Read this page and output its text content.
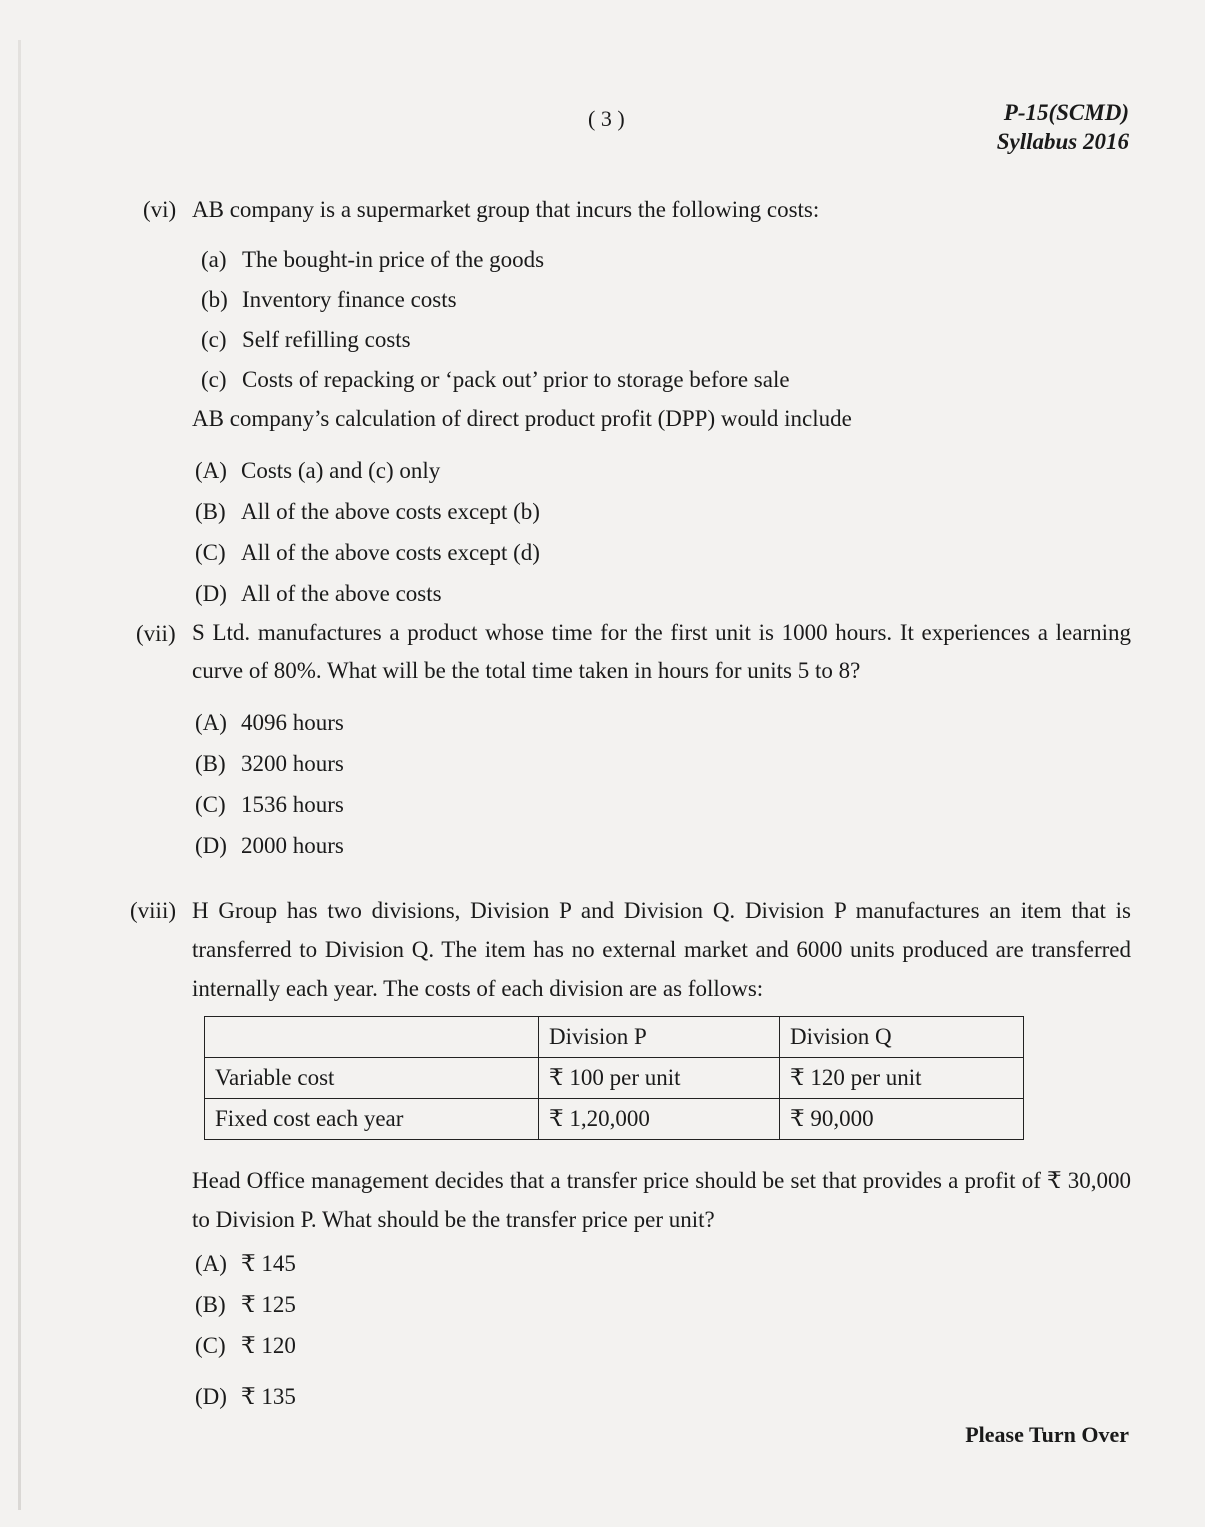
( 3 )	P-15(SCMD)
Syllabus 2016
(vi) AB company is a supermarket group that incurs the following costs:
(a) The bought-in price of the goods
(b) Inventory finance costs
(c) Self refilling costs
(c) Costs of repacking or ‘pack out’ prior to storage before sale
AB company’s calculation of direct product profit (DPP) would include
(A) Costs (a) and (c) only
(B) All of the above costs except (b)
(C) All of the above costs except (d)
(D) All of the above costs
(vii) S Ltd. manufactures a product whose time for the first unit is 1000 hours. It experiences a learning curve of 80%. What will be the total time taken in hours for units 5 to 8?
(A) 4096 hours
(B) 3200 hours
(C) 1536 hours
(D) 2000 hours
(viii) H Group has two divisions, Division P and Division Q. Division P manufactures an item that is transferred to Division Q. The item has no external market and 6000 units produced are transferred internally each year. The costs of each division are as follows:
	Division P	Division Q
Variable cost	₹ 100 per unit	₹ 120 per unit
Fixed cost each year	₹ 1,20,000	₹ 90,000
Head Office management decides that a transfer price should be set that provides a profit of ₹ 30,000 to Division P. What should be the transfer price per unit?
(A) ₹ 145
(B) ₹ 125
(C) ₹ 120
(D) ₹ 135
Please Turn Over
